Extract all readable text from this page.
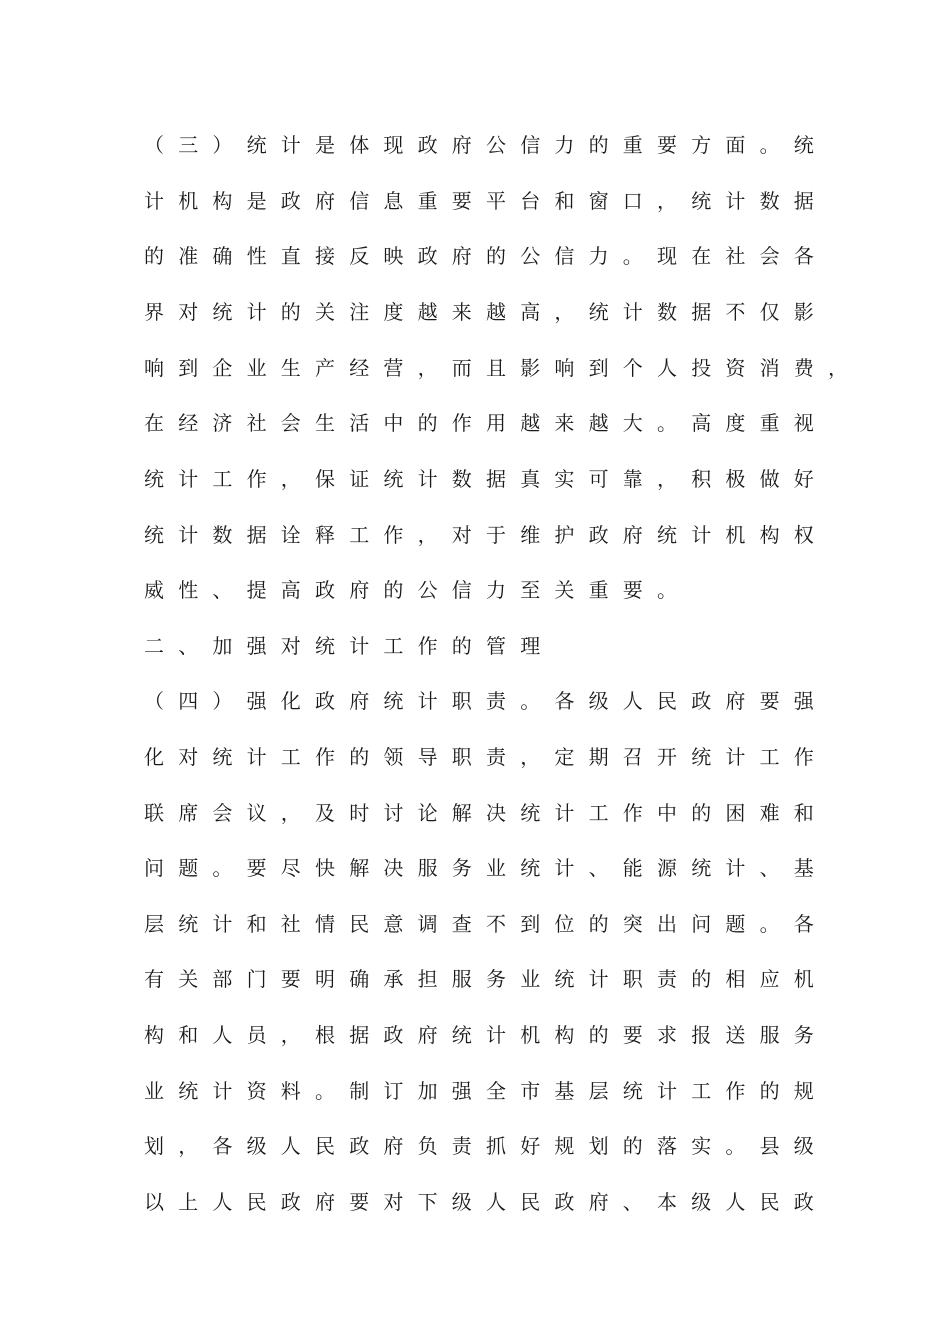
（三）统计是体现政府公信力的重要方面。统

计机构是政府信息重要平台和窗口，统计数据

的准确性直接反映政府的公信力。现在社会各

界对统计的关注度越来越高，统计数据不仅影

响到企业生产经营，而且影响到个人投资消费，

在经济社会生活中的作用越来越大。高度重视

统计工作，保证统计数据真实可靠，积极做好

统计数据诠释工作，对于维护政府统计机构权

威性、提高政府的公信力至关重要。

二、加强对统计工作的管理

（四）强化政府统计职责。各级人民政府要强

化对统计工作的领导职责，定期召开统计工作

联席会议，及时讨论解决统计工作中的困难和

问题。要尽快解决服务业统计、能源统计、基

层统计和社情民意调查不到位的突出问题。各

有关部门要明确承担服务业统计职责的相应机

构和人员，根据政府统计机构的要求报送服务

业统计资料。制订加强全市基层统计工作的规

划，各级人民政府负责抓好规划的落实。县级

以上人民政府要对下级人民政府、本级人民政
